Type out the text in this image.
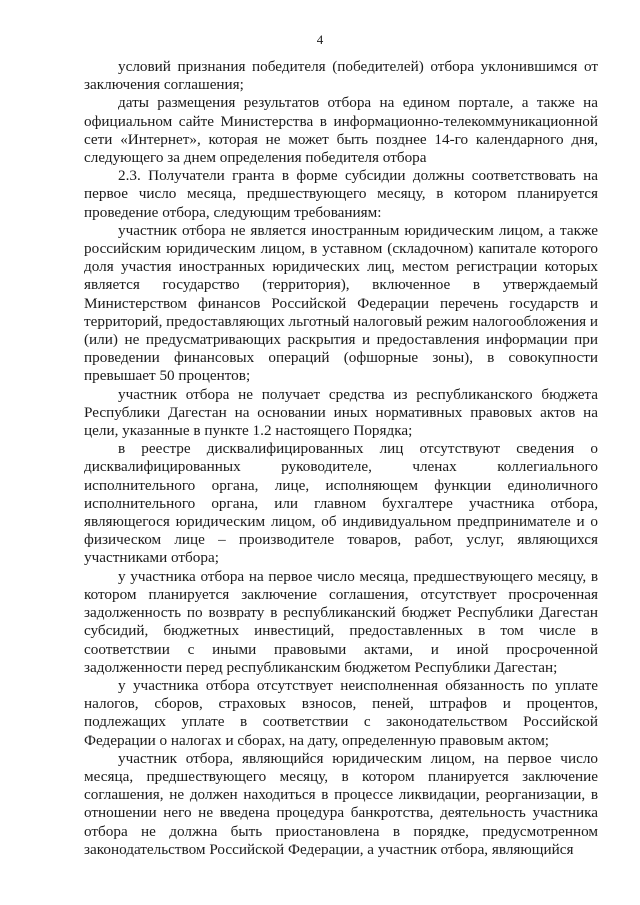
4

условий признания победителя (победителей) отбора уклонившимся от заключения соглашения;

даты размещения результатов отбора на едином портале, а также на официальном сайте Министерства в информационно-телекоммуникационной сети «Интернет», которая не может быть позднее 14-го календарного дня, следующего за днем определения победителя отбора

2.3. Получатели гранта в форме субсидии должны соответствовать на первое число месяца, предшествующего месяцу, в котором планируется проведение отбора, следующим требованиям:

участник отбора не является иностранным юридическим лицом, а также российским юридическим лицом, в уставном (складочном) капитале которого доля участия иностранных юридических лиц, местом регистрации которых является государство (территория), включенное в утверждаемый Министерством финансов Российской Федерации перечень государств и территорий, предоставляющих льготный налоговый режим налогообложения и (или) не предусматривающих раскрытия и предоставления информации при проведении финансовых операций (офшорные зоны), в совокупности превышает 50 процентов;

участник отбора не получает средства из республиканского бюджета Республики Дагестан на основании иных нормативных правовых актов на цели, указанные в пункте 1.2 настоящего Порядка;

в реестре дисквалифицированных лиц отсутствуют сведения о дисквалифицированных руководителе, членах коллегиального исполнительного органа, лице, исполняющем функции единоличного исполнительного органа, или главном бухгалтере участника отбора, являющегося юридическим лицом, об индивидуальном предпринимателе и о физическом лице – производителе товаров, работ, услуг, являющихся участниками отбора;

у участника отбора на первое число месяца, предшествующего месяцу, в котором планируется заключение соглашения, отсутствует просроченная задолженность по возврату в республиканский бюджет Республики Дагестан субсидий, бюджетных инвестиций, предоставленных в том числе в соответствии с иными правовыми актами, и иной просроченной задолженности перед республиканским бюджетом Республики Дагестан;

у участника отбора отсутствует неисполненная обязанность по уплате налогов, сборов, страховых взносов, пеней, штрафов и процентов, подлежащих уплате в соответствии с законодательством Российской Федерации о налогах и сборах, на дату, определенную правовым актом;

участник отбора, являющийся юридическим лицом, на первое число месяца, предшествующего месяцу, в котором планируется заключение соглашения, не должен находиться в процессе ликвидации, реорганизации, в отношении него не введена процедура банкротства, деятельность участника отбора не должна быть приостановлена в порядке, предусмотренном законодательством Российской Федерации, а участник отбора, являющийся
